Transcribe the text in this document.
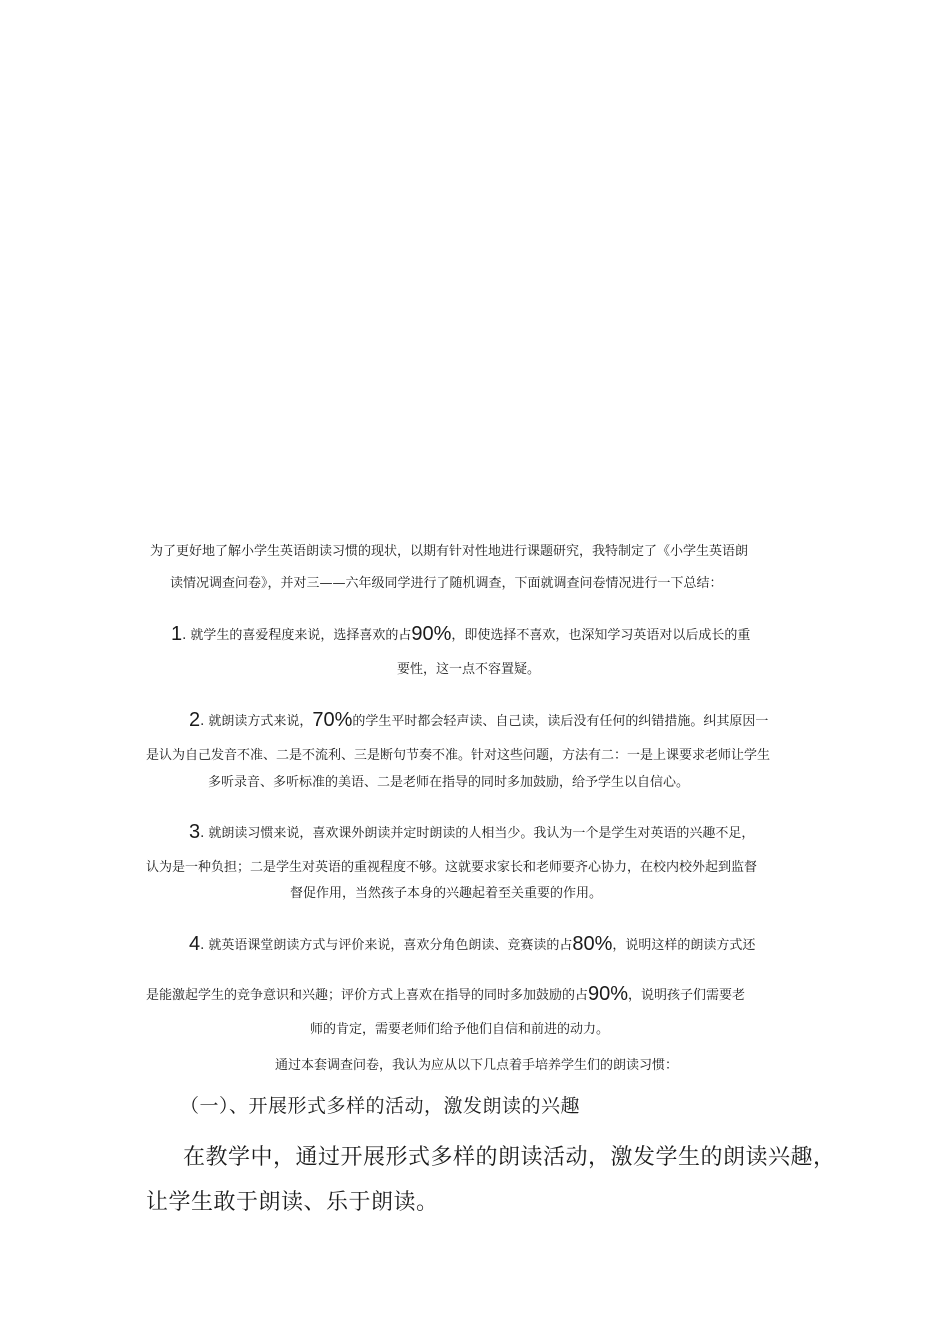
为了更好地了解小学生英语朗读习惯的现状，以期有针对性地进行课题研究，我特制定了《小学生英语朗
读情况调查问卷》，并对三——六年级同学进行了随机调查，下面就调查问卷情况进行一下总结：
1. 就学生的喜爱程度来说，选择喜欢的占90%，即使选择不喜欢，也深知学习英语对以后成长的重
要性，这一点不容置疑。
2. 就朗读方式来说，70%的学生平时都会轻声读、自己读，读后没有任何的纠错措施。纠其原因一
是认为自己发音不准、二是不流利、三是断句节奏不准。针对这些问题，方法有二：一是上课要求老师让学生
多听录音、多听标准的美语、二是老师在指导的同时多加鼓励，给予学生以自信心。
3. 就朗读习惯来说，喜欢课外朗读并定时朗读的人相当少。我认为一个是学生对英语的兴趣不足，
认为是一种负担；二是学生对英语的重视程度不够。这就要求家长和老师要齐心协力，在校内校外起到监督
督促作用，当然孩子本身的兴趣起着至关重要的作用。
4. 就英语课堂朗读方式与评价来说，喜欢分角色朗读、竞赛读的占80%，说明这样的朗读方式还
是能激起学生的竞争意识和兴趣；评价方式上喜欢在指导的同时多加鼓励的占90%，说明孩子们需要老
师的肯定，需要老师们给予他们自信和前进的动力。
通过本套调查问卷，我认为应从以下几点着手培养学生们的朗读习惯：
（一）、开展形式多样的活动，激发朗读的兴趣
在教学中，通过开展形式多样的朗读活动，激发学生的朗读兴趣，
让学生敢于朗读、乐于朗读。
